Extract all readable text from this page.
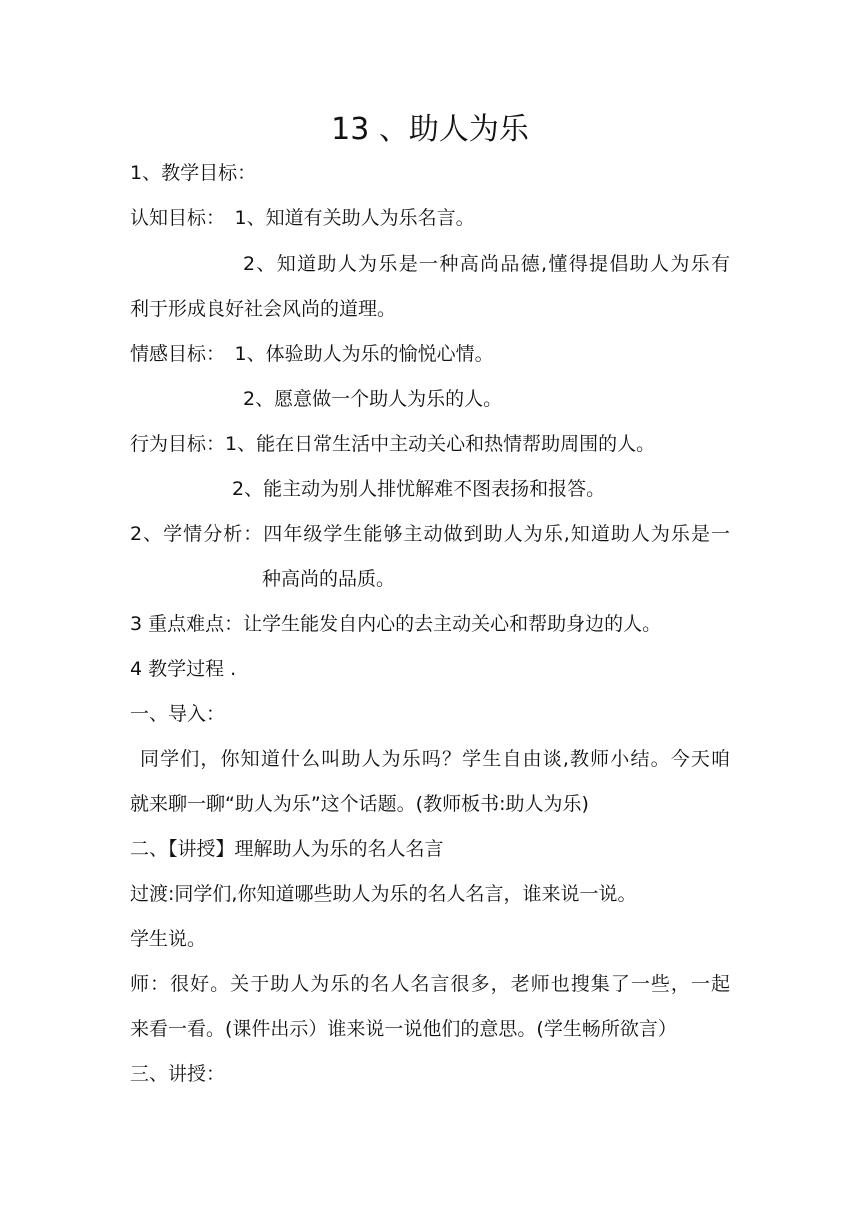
13 、助人为乐
1、教学目标：
认知目标：　1、知道有关助人为乐名言。
2、知道助人为乐是一种高尚品德,懂得提倡助人为乐有
利于形成良好社会风尚的道理。
情感目标：　1、体验助人为乐的愉悦心情。
2、愿意做一个助人为乐的人。
行为目标：1、能在日常生活中主动关心和热情帮助周围的人。
2、能主动为别人排忧解难不图表扬和报答。
2、学情分析：四年级学生能够主动做到助人为乐,知道助人为乐是一
种高尚的品质。
3 重点难点：让学生能发自内心的去主动关心和帮助身边的人。
4 教学过程 .
一、导入：
同学们，你知道什么叫助人为乐吗？学生自由谈,教师小结。今天咱
就来聊一聊“助人为乐”这个话题。(教师板书:助人为乐)
二、【讲授】理解助人为乐的名人名言
过渡:同学们,你知道哪些助人为乐的名人名言，谁来说一说。
学生说。
师：很好。关于助人为乐的名人名言很多，老师也搜集了一些，一起
来看一看。(课件出示）谁来说一说他们的意思。(学生畅所欲言）
三、讲授：
